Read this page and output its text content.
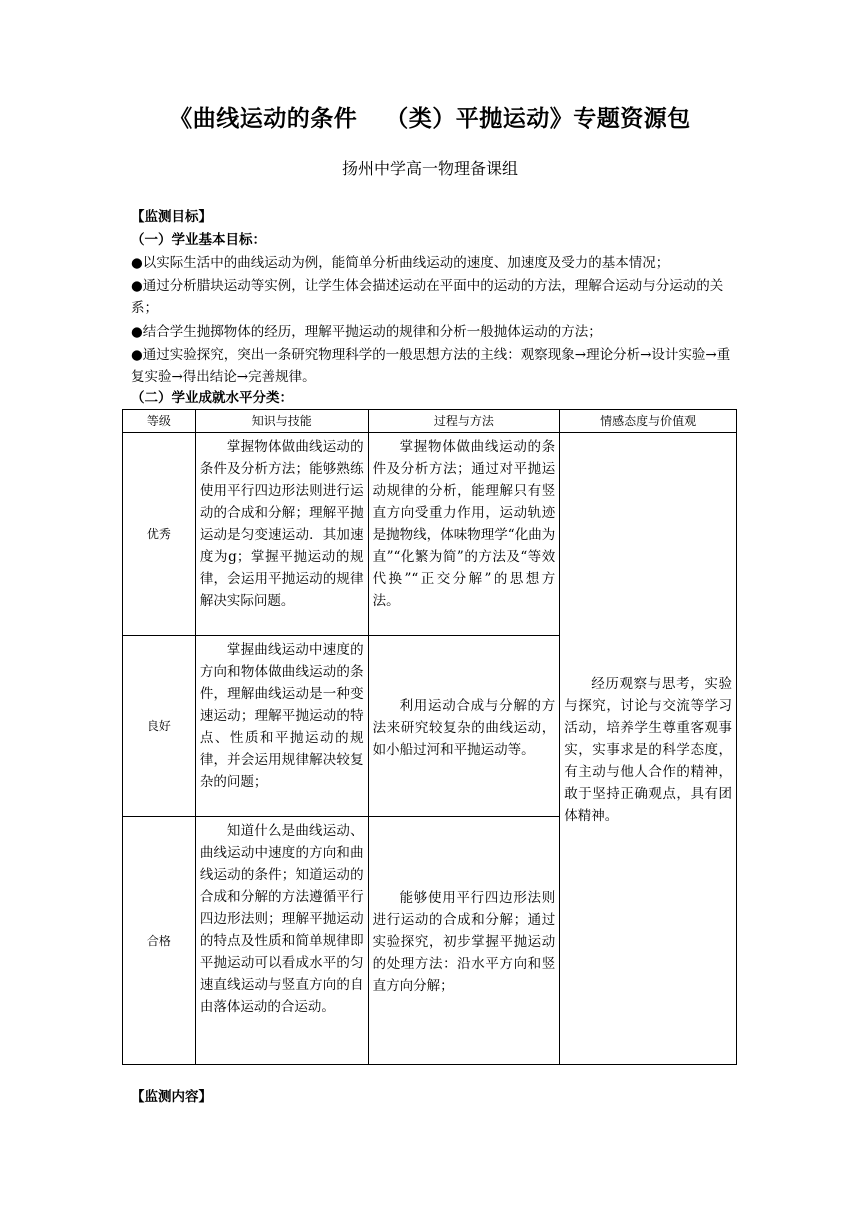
《曲线运动的条件 （类）平抛运动》专题资源包
扬州中学高一物理备课组
【监测目标】
（一）学业基本目标：
●以实际生活中的曲线运动为例，能简单分析曲线运动的速度、加速度及受力的基本情况；
●通过分析腊块运动等实例，让学生体会描述运动在平面中的运动的方法，理解合运动与分运动的关系；
●结合学生抛掷物体的经历，理解平抛运动的规律和分析一般抛体运动的方法；
●通过实验探究，突出一条研究物理科学的一般思想方法的主线：观察现象→理论分析→设计实验→重复实验→得出结论→完善规律。
（二）学业成就水平分类：
等级	知识与技能	过程与方法	情感态度与价值观
优秀	掌握物体做曲线运动的条件及分析方法；能够熟练使用平行四边形法则进行运动的合成和分解；理解平抛运动是匀变速运动．其加速度为g；掌握平抛运动的规律，会运用平抛运动的规律解决实际问题。	掌握物体做曲线运动的条件及分析方法；通过对平抛运动规律的分析，能理解只有竖直方向受重力作用，运动轨迹是抛物线，体味物理学“化曲为直”“化繁为简”的方法及“等效代换”“正交分解”的思想方法。	经历观察与思考，实验与探究，讨论与交流等学习活动，培养学生尊重客观事实，实事求是的科学态度，有主动与他人合作的精神，敢于坚持正确观点，具有团体精神。
良好	掌握曲线运动中速度的方向和物体做曲线运动的条件，理解曲线运动是一种变速运动；理解平抛运动的特点、性质和平抛运动的规律，并会运用规律解决较复杂的问题；	利用运动合成与分解的方法来研究较复杂的曲线运动，如小船过河和平抛运动等。	
合格	知道什么是曲线运动、曲线运动中速度的方向和曲线运动的条件；知道运动的合成和分解的方法遵循平行四边形法则；理解平抛运动的特点及性质和简单规律即平抛运动可以看成水平的匀速直线运动与竖直方向的自由落体运动的合运动。	能够使用平行四边形法则进行运动的合成和分解；通过实验探究，初步掌握平抛运动的处理方法：沿水平方向和竖直方向分解；	
【监测内容】
